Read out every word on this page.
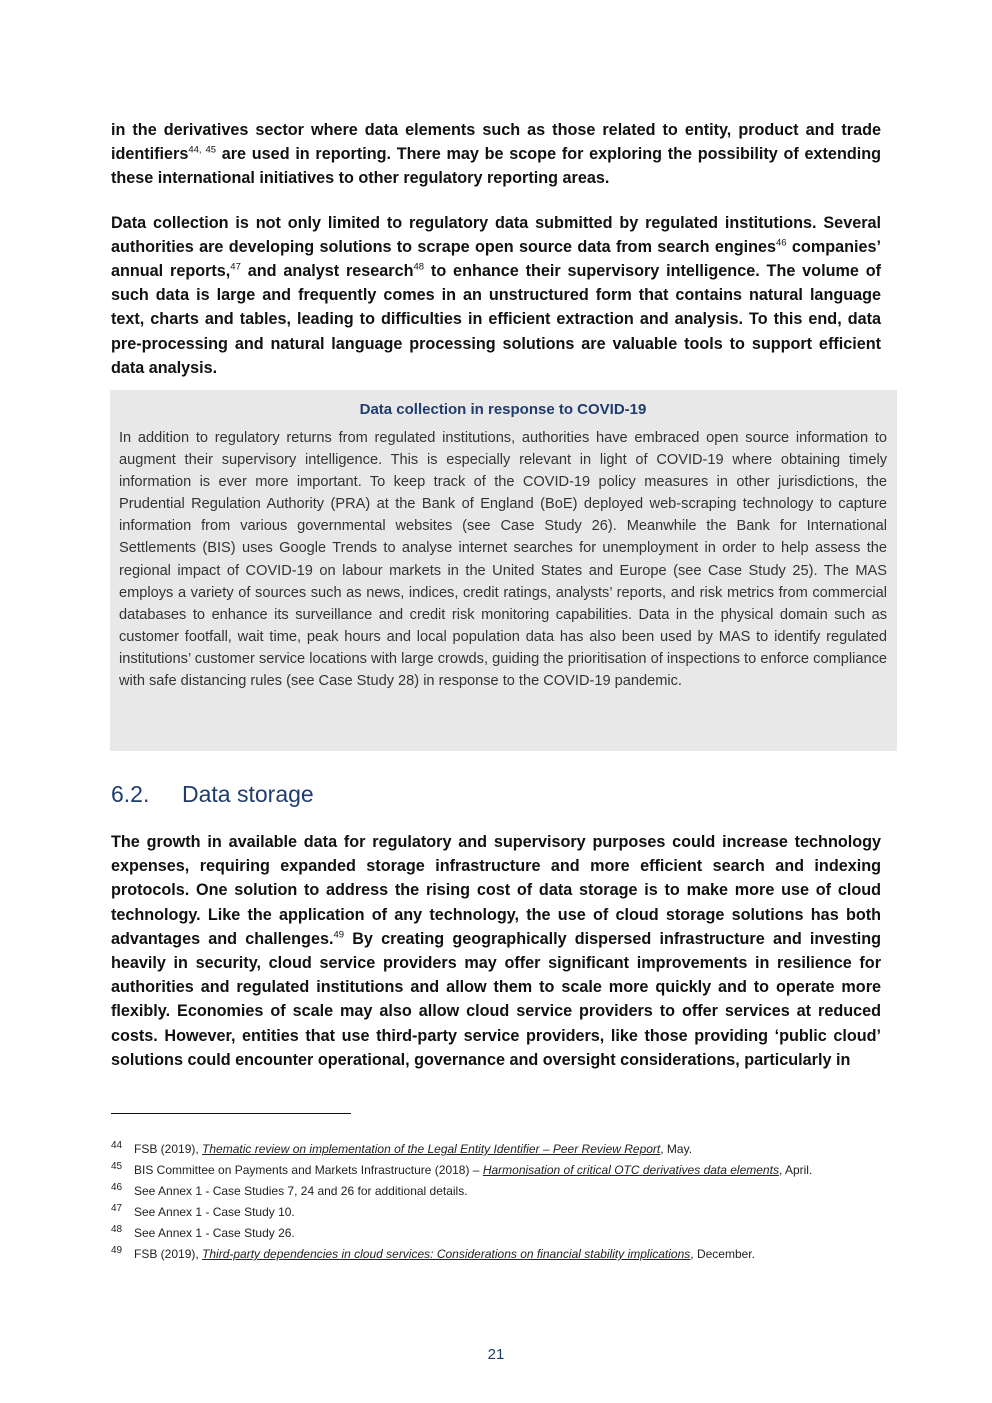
in the derivatives sector where data elements such as those related to entity, product and trade identifiers$^{44, 45}$ are used in reporting. There may be scope for exploring the possibility of extending these international initiatives to other regulatory reporting areas.

Data collection is not only limited to regulatory data submitted by regulated institutions. Several authorities are developing solutions to scrape open source data from search engines$^{46}$ companies’ annual reports,$^{47}$ and analyst research$^{48}$ to enhance their supervisory intelligence. The volume of such data is large and frequently comes in an unstructured form that contains natural language text, charts and tables, leading to difficulties in efficient extraction and analysis. To this end, data pre-processing and natural language processing solutions are valuable tools to support efficient data analysis.

Data collection in response to COVID-19

In addition to regulatory returns from regulated institutions, authorities have embraced open source information to augment their supervisory intelligence. This is especially relevant in light of COVID-19 where obtaining timely information is ever more important. To keep track of the COVID-19 policy measures in other jurisdictions, the Prudential Regulation Authority (PRA) at the Bank of England (BoE) deployed web-scraping technology to capture information from various governmental websites (see Case Study 26). Meanwhile the Bank for International Settlements (BIS) uses Google Trends to analyse internet searches for unemployment in order to help assess the regional impact of COVID-19 on labour markets in the United States and Europe (see Case Study 25). The MAS employs a variety of sources such as news, indices, credit ratings, analysts’ reports, and risk metrics from commercial databases to enhance its surveillance and credit risk monitoring capabilities. Data in the physical domain such as customer footfall, wait time, peak hours and local population data has also been used by MAS to identify regulated institutions’ customer service locations with large crowds, guiding the prioritisation of inspections to enforce compliance with safe distancing rules (see Case Study 28) in response to the COVID-19 pandemic.

6.2. Data storage

The growth in available data for regulatory and supervisory purposes could increase technology expenses, requiring expanded storage infrastructure and more efficient search and indexing protocols. One solution to address the rising cost of data storage is to make more use of cloud technology. Like the application of any technology, the use of cloud storage solutions has both advantages and challenges.$^{49}$ By creating geographically dispersed infrastructure and investing heavily in security, cloud service providers may offer significant improvements in resilience for authorities and regulated institutions and allow them to scale more quickly and to operate more flexibly. Economies of scale may also allow cloud service providers to offer services at reduced costs. However, entities that use third-party service providers, like those providing ‘public cloud’ solutions could encounter operational, governance and oversight considerations, particularly in

44 FSB (2019), Thematic review on implementation of the Legal Entity Identifier – Peer Review Report, May.
45 BIS Committee on Payments and Markets Infrastructure (2018) – Harmonisation of critical OTC derivatives data elements, April.
46 See Annex 1 - Case Studies 7, 24 and 26 for additional details.
47 See Annex 1 - Case Study 10.
48 See Annex 1 - Case Study 26.
49 FSB (2019), Third-party dependencies in cloud services: Considerations on financial stability implications, December.
21
